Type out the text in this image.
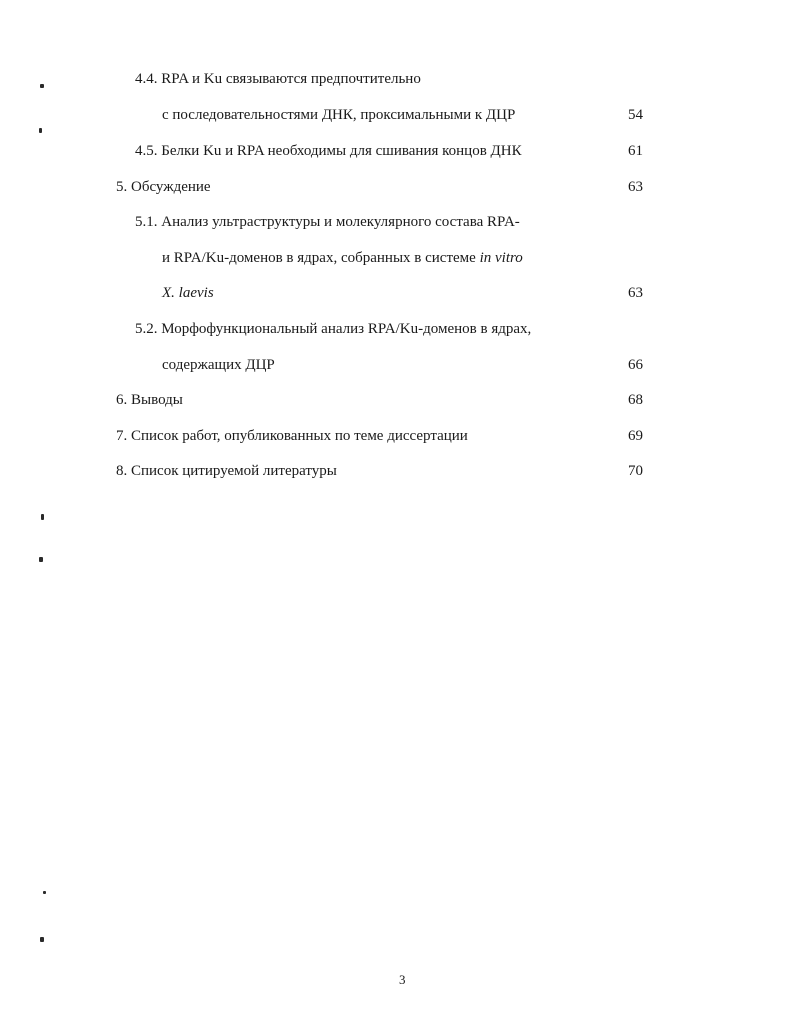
4.4. RPA и Ku связываются предпочтительно
с последовательностями ДНК, проксимальными к ДЦР	54
4.5. Белки Ku и RPA необходимы для сшивания концов ДНК	61
5. Обсуждение	63
5.1. Анализ ультраструктуры и молекулярного состава RPA-
и RPA/Ku-доменов в ядрах, собранных в системе in vitro
X. laevis	63
5.2. Морфофункциональный анализ RPA/Ku-доменов в ядрах,
содержащих ДЦР	66
6. Выводы	68
7. Список работ, опубликованных по теме диссертации	69
8. Список цитируемой литературы	70
3
